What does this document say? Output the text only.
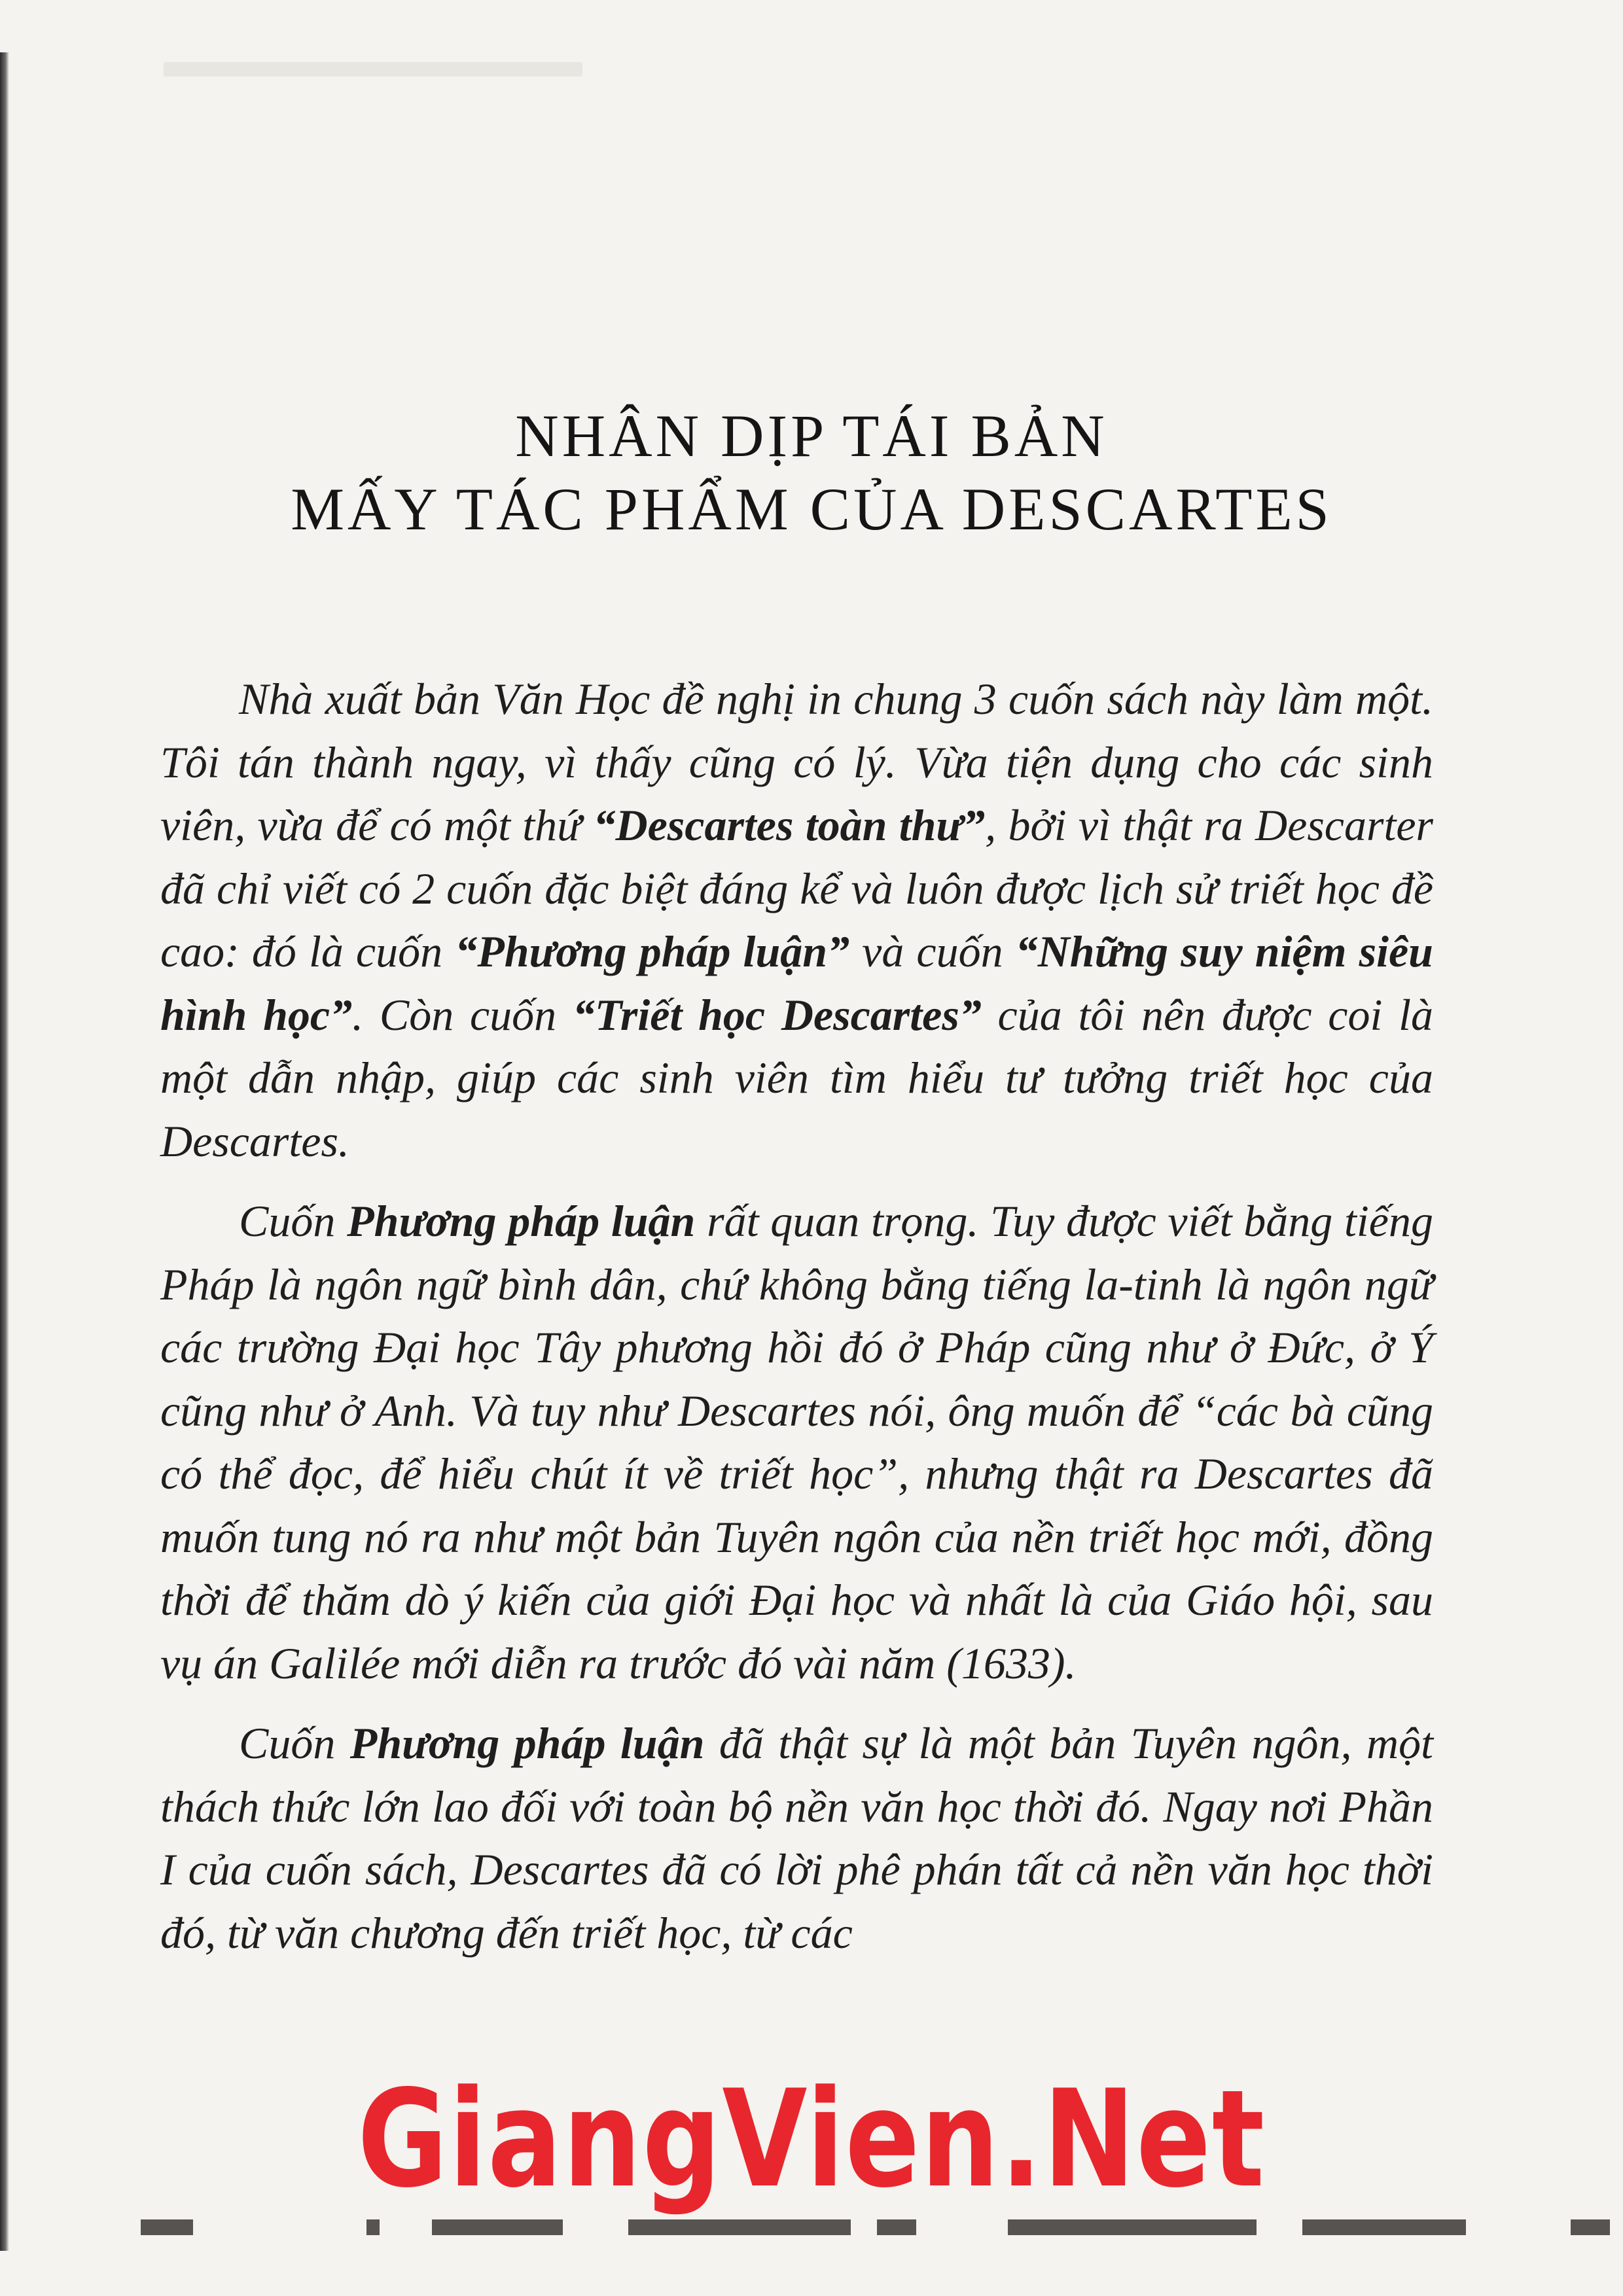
NHÂN DỊP TÁI BẢN
MẤY TÁC PHẨM CỦA DESCARTES

Nhà xuất bản Văn Học đề nghị in chung 3 cuốn sách này làm một. Tôi tán thành ngay, vì thấy cũng có lý. Vừa tiện dụng cho các sinh viên, vừa để có một thứ “Descartes toàn thư”, bởi vì thật ra Descarter đã chỉ viết có 2 cuốn đặc biệt đáng kể và luôn được lịch sử triết học đề cao: đó là cuốn “Phương pháp luận” và cuốn “Những suy niệm siêu hình học”. Còn cuốn “Triết học Descartes” của tôi nên được coi là một dẫn nhập, giúp các sinh viên tìm hiểu tư tưởng triết học của Descartes.

Cuốn Phương pháp luận rất quan trọng. Tuy được viết bằng tiếng Pháp là ngôn ngữ bình dân, chứ không bằng tiếng la-tinh là ngôn ngữ các trường Đại học Tây phương hồi đó ở Pháp cũng như ở Đức, ở Ý cũng như ở Anh. Và tuy như Descartes nói, ông muốn để “các bà cũng có thể đọc, để hiểu chút ít về triết học”, nhưng thật ra Descartes đã muốn tung nó ra như một bản Tuyên ngôn của nền triết học mới, đồng thời để thăm dò ý kiến của giới Đại học và nhất là của Giáo hội, sau vụ án Galilée mới diễn ra trước đó vài năm (1633).

Cuốn Phương pháp luận đã thật sự là một bản Tuyên ngôn, một thách thức lớn lao đối với toàn bộ nền văn học thời đó. Ngay nơi Phần I của cuốn sách, Descartes đã có lời phê phán tất cả nền văn học thời đó, từ văn chương đến triết học, từ các

GiangVien.Net
